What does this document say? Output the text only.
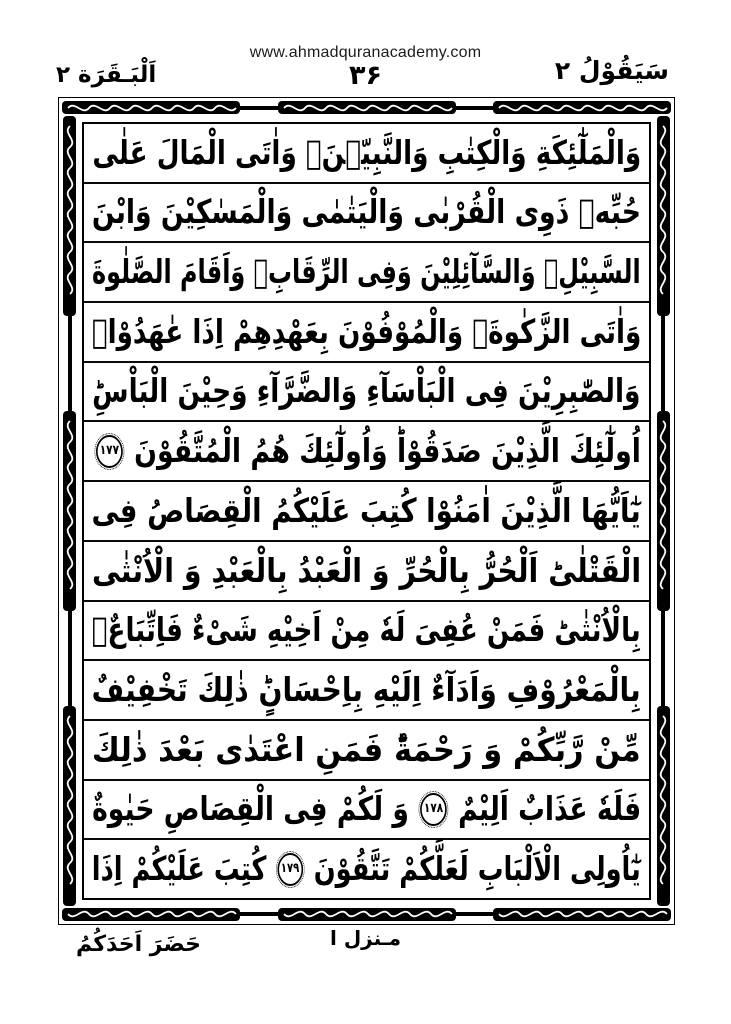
www.ahmadquranacademy.com
سَيَقُوْلُ ۲
۳۶
اَلْبَـقَرَة ۲
وَالْمَلٰٓئِكَةِ وَالْكِتٰبِ وَالنَّبِيّٖنَۚ وَاٰتَى الْمَالَ عَلٰى
حُبِّهٖ ذَوِى الْقُرْبٰى وَالْيَتٰمٰى وَالْمَسٰكِيْنَ وَابْنَ
السَّبِيْلِۙ وَالسَّآئِلِيْنَ وَفِى الرِّقَابِۚ وَاَقَامَ الصَّلٰوةَ
وَاٰتَى الزَّكٰوةَۚ وَالْمُوْفُوْنَ بِعَهْدِهِمْ اِذَا عٰهَدُوْاۚ
وَالصّٰبِرِيْنَ فِى الْبَاْسَآءِ وَالضَّرَّآءِ وَحِيْنَ الْبَاْسِؕ
اُولٰٓئِكَ الَّذِيْنَ صَدَقُوْاؕ وَاُولٰٓئِكَ هُمُ الْمُتَّقُوْنَ
۱۷۷
يٰٓاَيُّهَا الَّذِيْنَ اٰمَنُوْا كُتِبَ عَلَيْكُمُ الْقِصَاصُ فِى
الْقَتْلٰىؕ اَلْحُرُّ بِالْحُرِّ وَ الْعَبْدُ بِالْعَبْدِ وَ الْاُنْثٰى
بِالْاُنْثٰىؕ فَمَنْ عُفِىَ لَهٗ مِنْ اَخِيْهِ شَىْءٌ فَاِتِّبَاعٌۢ
بِالْمَعْرُوْفِ وَاَدَآءٌ اِلَيْهِ بِاِحْسَانٍؕ ذٰلِكَ تَخْفِيْفٌ
مِّنْ رَّبِّكُمْ وَ رَحْمَةٌؕ فَمَنِ اعْتَدٰى بَعْدَ ذٰلِكَ
فَلَهٗ عَذَابٌ اَلِيْمٌ
۱۷۸
وَ لَكُمْ فِى الْقِصَاصِ حَيٰوةٌ
يٰٓاُولِى الْاَلْبَابِ لَعَلَّكُمْ تَتَّقُوْنَ
۱۷۹
كُتِبَ عَلَيْكُمْ اِذَا
مـنزل ا
حَضَرَ اَحَدَكُمُ
